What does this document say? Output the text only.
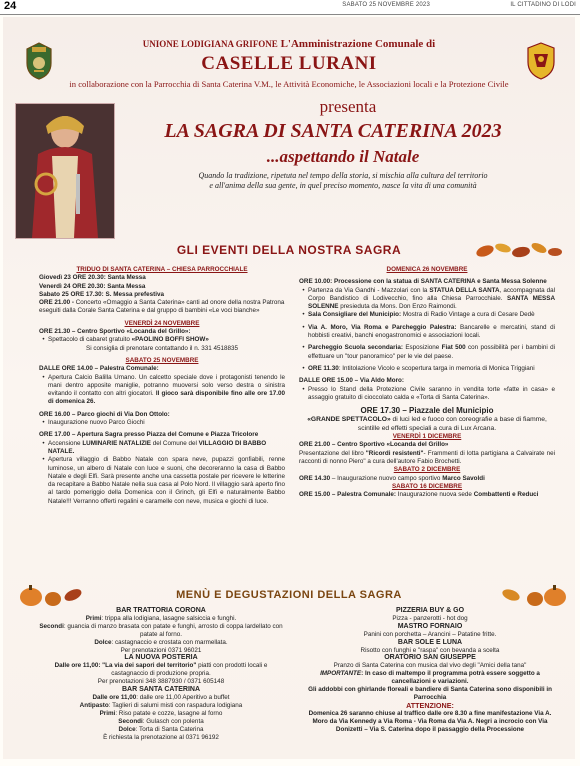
24	SABATO 25 NOVEMBRE 2023	IL CITTADINO DI LODI
UNIONE LODIGIANA GRIFONE L'Amministrazione Comunale di
CASELLE LURANI
in collaborazione con la Parrocchia di Santa Caterina V.M., le Attività Economiche, le Associazioni locali e la Protezione Civile
presenta
LA SAGRA DI SANTA CATERINA 2023
...aspettando il Natale
Quando la tradizione, ripetuta nel tempo della storia, si mischia alla cultura del territorio
e all'anima della sua gente, in quel preciso momento, nasce la vita di una comunità
GLI EVENTI DELLA NOSTRA SAGRA

TRIDUO DI SANTA CATERINA – CHIESA PARROCCHIALE

Giovedì 23 ORE 20.30: Santa Messa

Venerdì 24 ORE 20.30: Santa Messa

Sabato 25 ORE 17.30: S. Messa prefestiva

ORE 21.00 - Concerto «Omaggio a Santa Caterina» canti ad onore della nostra Patrona eseguiti dalla Corale Santa Caterina e dal gruppo di bambini «Le voci bianche»

VENERDÌ 24 NOVEMBRE

ORE 21.30 – Centro Sportivo «Locanda del Grillo»:

• Spettacolo di cabaret gratuito «PAOLINO BOFFI SHOW»

Si consiglia di prenotare contattando il n. 331 4518835

SABATO 25 NOVEMBRE

DALLE ORE 14.00 – Palestra Comunale:

• Apertura Calcio Balilla Umano. Un calcetto speciale dove i protagonisti tenendo le mani dentro apposite maniglie, potranno muoversi solo verso destra o sinistra evitando il contatto con altri giocatori. Il gioco sarà disponibile fino alle ore 17.00 di domenica 26.

ORE 16.00 – Parco giochi di Via Don Ottolo:

• Inaugurazione nuovo Parco Giochi

ORE 17.00 – Apertura Sagra presso Piazza del Comune e Piazza Tricolore

• Accensione LUMINARIE NATALIZIE del Comune del VILLAGGIO DI BABBO NATALE.

• Apertura villaggio di Babbo Natale con spara neve, pupazzi gonfiabili, renne luminose, un albero di Natale con luce e suoni, che decoreranno la casa di Babbo Natale e degli Elfi. Sarà presente anche una cassetta postale per ricevere le letterine da recapitare a Babbo Natale nella sua casa al Polo Nord. Il villaggio sarà aperto fino al tardo pomeriggio della Domenica con il Grinch, gli Elfi e naturalmente Babbo Natale!!! Verranno offerti regalini e caramelle con neve, musica e giochi di luce.

DOMENICA 26 NOVEMBRE

ORE 10.00: Processione con la statua di SANTA CATERINA e Santa Messa Solenne

• Partenza da Via Gandhi - Mazzolari con la STATUA DELLA SANTA, accompagnata dal Corpo Bandistico di Lodivecchio, fino alla Chiesa Parrocchiale. SANTA MESSA SOLENNE presieduta da Mons. Don Enzo Raimondi.

• Sala Consigliare del Municipio: Mostra di Radio Vintage a cura di Cesare Dedè

• Via A. Moro, Via Roma e Parcheggio Palestra: Bancarelle e mercatini, stand di hobbisti creativi, banchi enogastronomici e associazioni locali.

• Parcheggio Scuola secondaria: Esposizione Fiat 500 con possibilità per i bambini di effettuare un "tour panoramico" per le vie del paese.

• ORE 11.30: Intitolazione Vicolo e scopertura targa in memoria di Monica Triggiani

DALLE ORE 15.00 – Via Aldo Moro:

• Presso lo Stand della Protezione Civile saranno in vendita torte «fatte in casa» e assaggio gratuito di cioccolato calda e «Torta di Santa Caterina».

ORE 17.30 – Piazzale del Municipio

«GRANDE SPETTACOLO» di luci led e fuoco con coreografie a base di fiamme, scintille ed effetti speciali a cura di Lux Arcana.

VENERDÌ 1 DICEMBRE

ORE 21.00 – Centro Sportivo «Locanda del Grillo»

Presentazione del libro "Ricordi resistenti"- Frammenti di lotta partigiana a Calvairate nei racconti di nonno Piero" a cura dell'autore Fabio Brochetti.

SABATO 2 DICEMBRE

ORE 14.30 – Inaugurazione nuovo campo sportivo Marco Savoldi

SABATO 16 DICEMBRE

ORE 15.00 – Palestra Comunale: Inaugurazione nuova sede Combattenti e Reduci

MENÙ E DEGUSTAZIONI DELLA SAGRA

BAR TRATTORIA CORONA

Primi: trippa alla lodigiana, lasagne salsiccia e funghi.

Secondi: guancia di manzo brasata con patate e funghi, arrosto di coppa lardellato con patate al forno.

Dolce: castagnaccio e crostata con marmellata.

Per prenotazioni 0371 96021

LA NUOVA POSTERIA

Dalle ore 11,00: "La via dei sapori del territorio" piatti con prodotti locali e castagnaccio di produzione propria.

Per prenotazioni 348 3887930 / 0371 605148

BAR SANTA CATERINA

Dalle ore 11,00: dalle ore 11,00 Aperitivo a buffet

Antipasto: Taglieri di salumi misti con raspadura lodigiana

Primi: Riso patate e cozze, lasagne al forno

Secondi: Gulasch con polenta

Dolce: Torta di Santa Caterina

È richiesta la prenotazione al 0371 96192

PIZZERIA BUY & GO

Pizza - panzerotti - hot dog

MASTRO FORNAIO

Panini con porchetta – Arancini – Patatine fritte.

BAR SOLE E LUNA

Risotto con funghi e "raspa" con bevanda a scelta

ORATORIO SAN GIUSEPPE

Pranzo di Santa Caterina con musica dal vivo degli "Amici della tana"

IMPORTANTE: In caso di maltempo il programma potrà essere soggetto a cancellazioni e variazioni.

Gli addobbi con ghirlande floreali e bandiere di Santa Caterina sono disponibili in Parrocchia

ATTENZIONE:

Domenica 26 saranno chiuse al traffico dalle ore 8.30 a fine manifestazione Via A. Moro da Via Kennedy a Via Roma - Via Roma da Via A. Negri a incrocio con Via Donizetti – Via S. Caterina dopo il passaggio della Processione
